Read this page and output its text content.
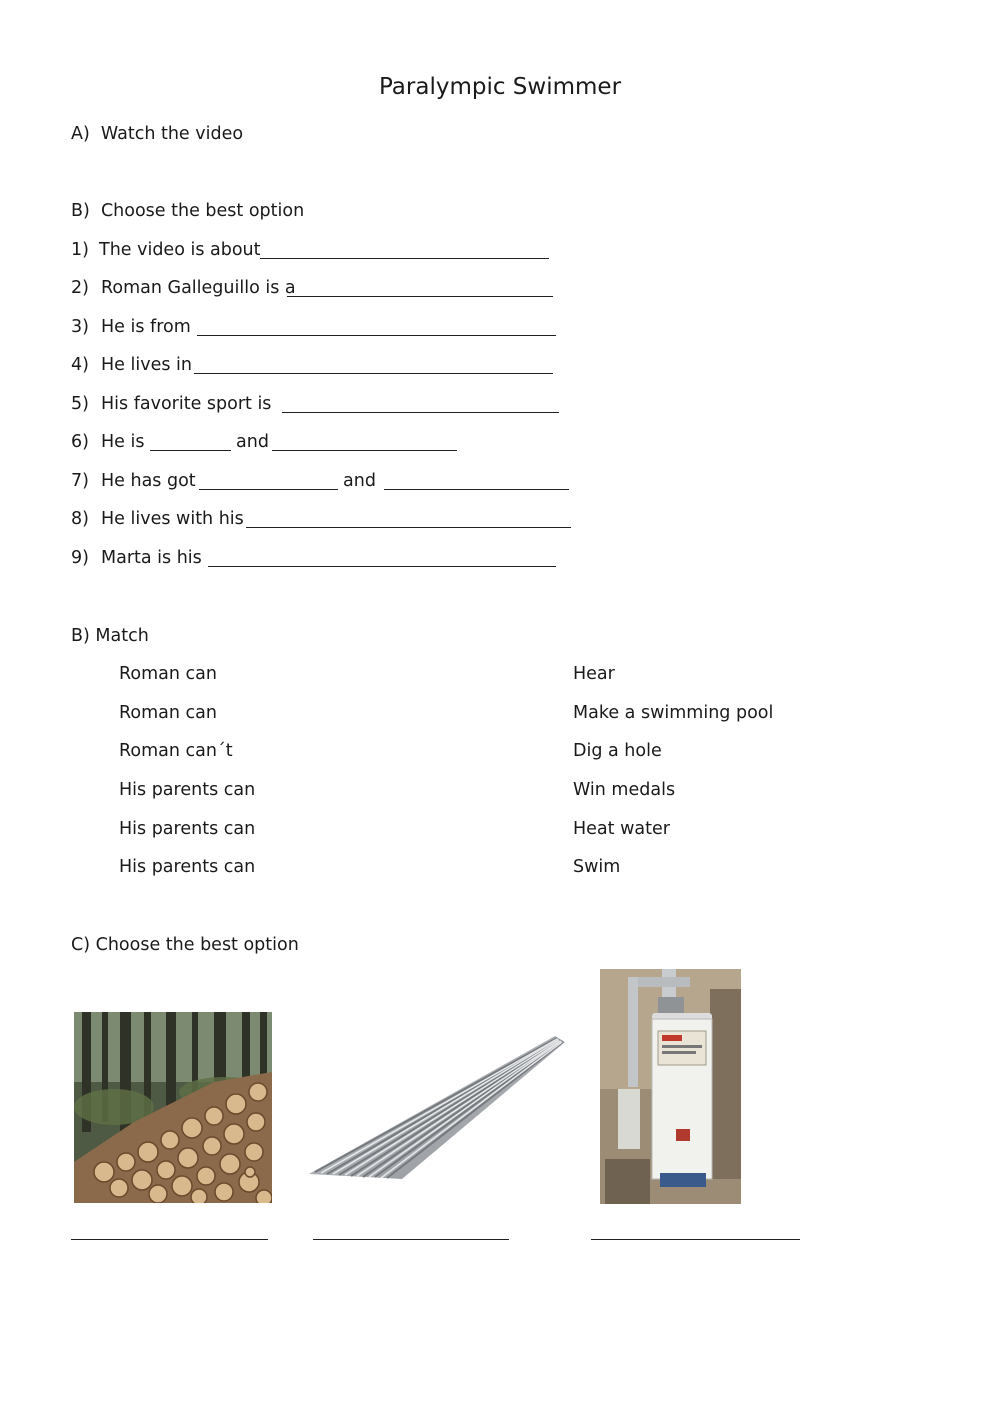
Paralympic Swimmer
A)  Watch the video
B)  Choose the best option
1) The video is about
2) Roman Galleguillo is a
3) He is from
4) He lives in
5) His favorite sport is
6) He is	and
7) He has got	and
8) He lives with his
9) Marta is his
B) Match
Roman can
Roman can
Roman can´t
His parents can
His parents can
His parents can
Hear
Make a swimming pool
Dig a hole
Win medals
Heat water
Swim
C) Choose the best option
